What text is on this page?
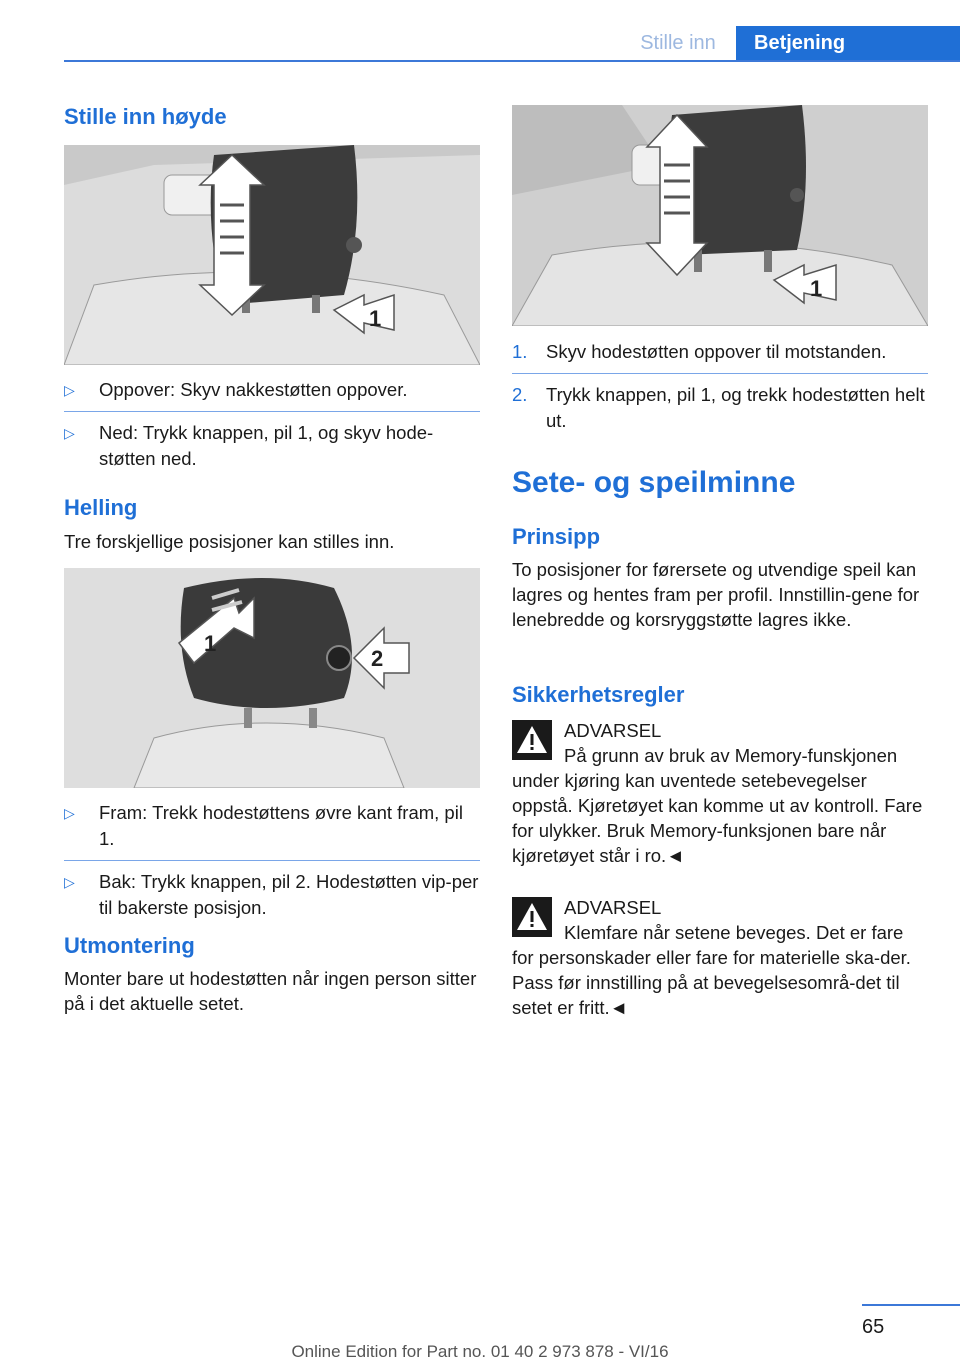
Stille inn	Betjening
Stille inn høyde
1
▷ Oppover: Skyv nakkestøtten oppover.
▷ Ned: Trykk knappen, pil 1, og skyv hode-støtten ned.
Helling
Tre forskjellige posisjoner kan stilles inn.
1
2
▷ Fram: Trekk hodestøttens øvre kant fram, pil 1.
▷ Bak: Trykk knappen, pil 2. Hodestøtten vip-per til bakerste posisjon.
Utmontering
Monter bare ut hodestøtten når ingen person sitter på i det aktuelle setet.
1
1. Skyv hodestøtten oppover til motstanden.
2. Trykk knappen, pil 1, og trekk hodestøtten helt ut.
Sete- og speilminne
Prinsipp
To posisjoner for førersete og utvendige speil kan lagres og hentes fram per profil. Innstillin-gene for lenebredde og korsryggstøtte lagres ikke.
Sikkerhetsregler
ADVARSEL
På grunn av bruk av Memory-funskjonen under kjøring kan uventede setebevegelser oppstå. Kjøretøyet kan komme ut av kontroll. Fare for ulykker. Bruk Memory-funksjonen bare når kjøretøyet står i ro.◄
ADVARSEL
Klemfare når setene beveges. Det er fare for personskader eller fare for materielle ska-der. Pass før innstilling på at bevegelsesområ-det til setet er fritt.◄
65
Online Edition for Part no. 01 40 2 973 878 - VI/16
